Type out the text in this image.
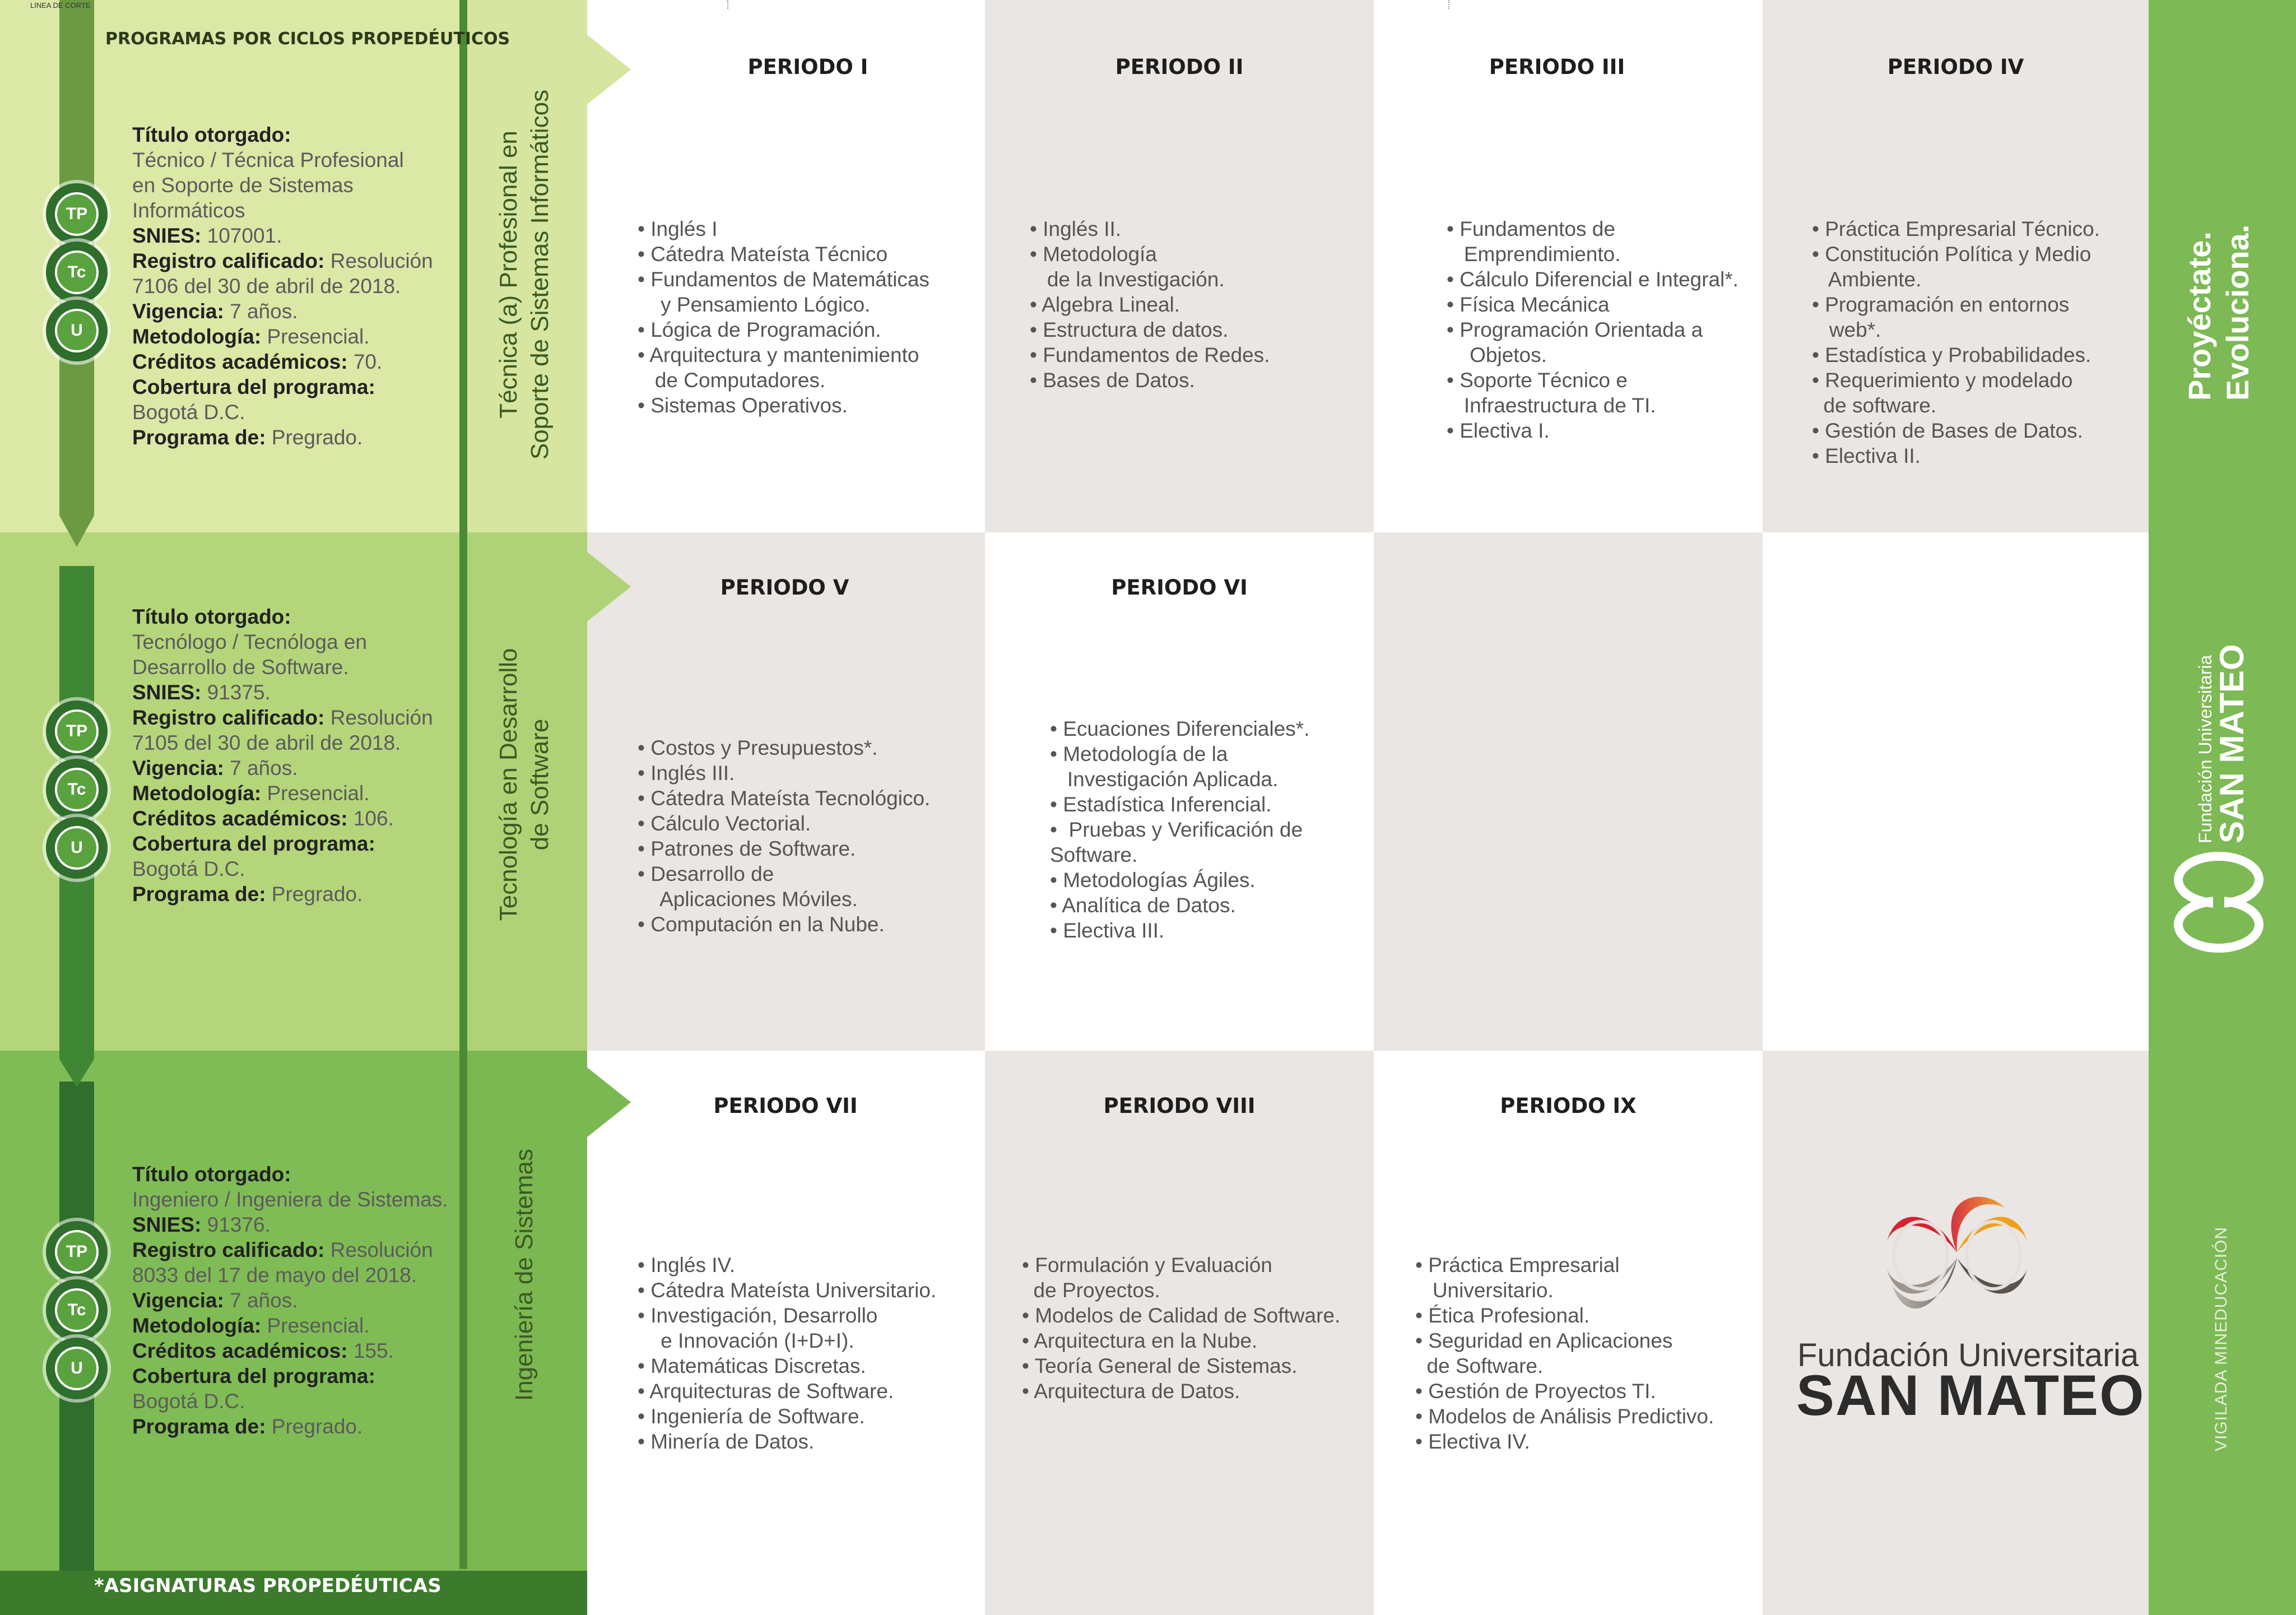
*ASIGNATURAS PROPEDÉUTICAS
LINEA DE CORTE
PROGRAMAS POR CICLOS PROPEDÉUTICOS
Título otorgado:
Técnico / Técnica Profesional
en Soporte de Sistemas
Informáticos
SNIES: 107001.
Registro calificado: Resolución
7106 del 30 de abril de 2018.
Vigencia: 7 años.
Metodología: Presencial.
Créditos académicos: 70.
Cobertura del programa:
Bogotá D.C.
Programa de: Pregrado.
Título otorgado:
Tecnólogo / Tecnóloga en
Desarrollo de Software.
SNIES: 91375.
Registro calificado: Resolución
7105 del 30 de abril de 2018.
Vigencia: 7 años.
Metodología: Presencial.
Créditos académicos: 106.
Cobertura del programa:
Bogotá D.C.
Programa de: Pregrado.
Título otorgado:
Ingeniero / Ingeniera de Sistemas.
SNIES: 91376.
Registro calificado: Resolución
8033 del 17 de mayo del 2018.
Vigencia: 7 años.
Metodología: Presencial.
Créditos académicos: 155.
Cobertura del programa:
Bogotá D.C.
Programa de: Pregrado.
TP
Tc
U
TP
Tc
U
TP
Tc
U
Técnica (a) Profesional en Soporte de Sistemas Informáticos
Tecnología en Desarrollo de Software
Ingeniería de Sistemas
PERIODO I

• Inglés I
• Cátedra Mateísta Técnico
• Fundamentos de Matemáticas
y Pensamiento Lógico.
• Lógica de Programación.
• Arquitectura y mantenimiento
de Computadores.
• Sistemas Operativos.

PERIODO II

• Inglés II.
• Metodología
de la Investigación.
• Algebra Lineal.
• Estructura de datos.
• Fundamentos de Redes.
• Bases de Datos.

PERIODO III

• Fundamentos de
Emprendimiento.
• Cálculo Diferencial e Integral*.
• Física Mecánica
• Programación Orientada a
Objetos.
• Soporte Técnico e
Infraestructura de TI.
• Electiva I.

PERIODO IV

• Práctica Empresarial Técnico.
• Constitución Política y Medio
Ambiente.
• Programación en entornos
web*.
• Estadística y Probabilidades.
• Requerimiento y modelado
de software.
• Gestión de Bases de Datos.
• Electiva II.

PERIODO V

• Costos y Presupuestos*.
• Inglés III.
• Cátedra Mateísta Tecnológico.
• Cálculo Vectorial.
• Patrones de Software.
• Desarrollo de
Aplicaciones Móviles.
• Computación en la Nube.

PERIODO VI

• Ecuaciones Diferenciales*.
• Metodología de la
Investigación Aplicada.
• Estadística Inferencial.
•  Pruebas y Verificación de
Software.
• Metodologías Ágiles.
• Analítica de Datos.
• Electiva III.

PERIODO VII

• Inglés IV.
• Cátedra Mateísta Universitario.
• Investigación, Desarrollo
e Innovación (I+D+I).
• Matemáticas Discretas.
• Arquitecturas de Software.
• Ingeniería de Software.
• Minería de Datos.

PERIODO VIII

• Formulación y Evaluación
de Proyectos.
• Modelos de Calidad de Software.
• Arquitectura en la Nube.
• Teoría General de Sistemas.
• Arquitectura de Datos.

PERIODO IX

• Práctica Empresarial
Universitario.
• Ética Profesional.
• Seguridad en Aplicaciones
de Software.
• Gestión de Proyectos TI.
• Modelos de Análisis Predictivo.
• Electiva IV.

Fundación Universitaria
SAN MATEO
Proyéctate. Evoluciona.
Fundación Universitaria
SAN MATEO
VIGILADA MINEDUCACIÓN
